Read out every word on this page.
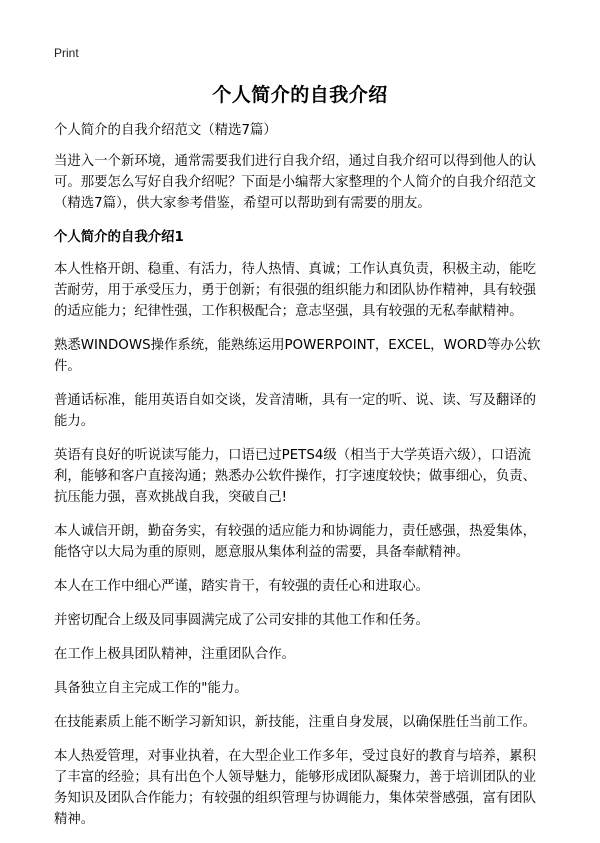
Print
个人简介的自我介绍

个人简介的自我介绍范文（精选7篇）

当进入一个新环境，通常需要我们进行自我介绍，通过自我介绍可以得到他人的认可。那要怎么写好自我介绍呢？下面是小编帮大家整理的个人简介的自我介绍范文（精选7篇），供大家参考借鉴，希望可以帮助到有需要的朋友。

个人简介的自我介绍1

本人性格开朗、稳重、有活力，待人热情、真诚；工作认真负责，积极主动，能吃苦耐劳，用于承受压力，勇于创新；有很强的组织能力和团队协作精神，具有较强的适应能力；纪律性强，工作积极配合；意志坚强，具有较强的无私奉献精神。

熟悉WINDOWS操作系统，能熟练运用POWERPOINT，EXCEL，WORD等办公软件。

普通话标准，能用英语自如交谈，发音清晰，具有一定的听、说、读、写及翻译的能力。

英语有良好的听说读写能力，口语已过PETS4级（相当于大学英语六级），口语流利，能够和客户直接沟通；熟悉办公软件操作，打字速度较快；做事细心，负责、抗压能力强，喜欢挑战自我，突破自己!

本人诚信开朗，勤奋务实，有较强的适应能力和协调能力，责任感强，热爱集体，能恪守以大局为重的原则，愿意服从集体利益的需要，具备奉献精神。

本人在工作中细心严谨，踏实肯干，有较强的责任心和进取心。

并密切配合上级及同事圆满完成了公司安排的其他工作和任务。

在工作上极具团队精神，注重团队合作。

具备独立自主完成工作的"能力。

在技能素质上能不断学习新知识，新技能，注重自身发展，以确保胜任当前工作。

本人热爱管理，对事业执着，在大型企业工作多年，受过良好的教育与培养，累积了丰富的经验；具有出色个人领导魅力，能够形成团队凝聚力，善于培训团队的业务知识及团队合作能力；有较强的组织管理与协调能力，集体荣誉感强，富有团队精神。
